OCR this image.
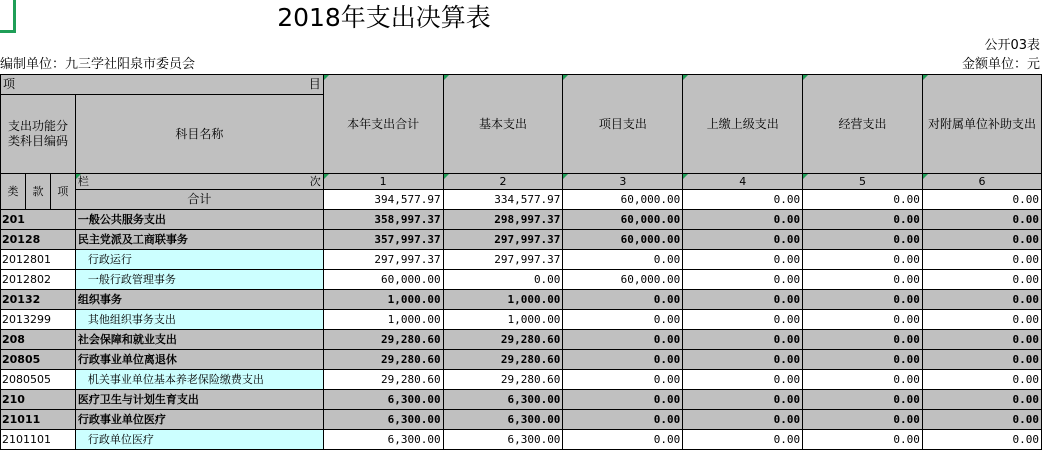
2018年支出决算表
公开03表
编制单位：九三学社阳泉市委员会	金额单位：元
项 目				本年支出合计	基本支出	项目支出	上缴上级支出	经营支出	对附属单位补助支出
支出功能分类科目编码			科目名称						
类	款	项	栏 次	1	2	3	4	5	6
			合计	394,577.97	334,577.97	60,000.00	0.00	0.00	0.00
201			一般公共服务支出	358,997.37	298,997.37	60,000.00	0.00	0.00	0.00
20128			民主党派及工商联事务	357,997.37	297,997.37	60,000.00	0.00	0.00	0.00
2012801			行政运行	297,997.37	297,997.37	0.00	0.00	0.00	0.00
2012802			一般行政管理事务	60,000.00	0.00	60,000.00	0.00	0.00	0.00
20132			组织事务	1,000.00	1,000.00	0.00	0.00	0.00	0.00
2013299			其他组织事务支出	1,000.00	1,000.00	0.00	0.00	0.00	0.00
208			社会保障和就业支出	29,280.60	29,280.60	0.00	0.00	0.00	0.00
20805			行政事业单位离退休	29,280.60	29,280.60	0.00	0.00	0.00	0.00
2080505			机关事业单位基本养老保险缴费支出	29,280.60	29,280.60	0.00	0.00	0.00	0.00
210			医疗卫生与计划生育支出	6,300.00	6,300.00	0.00	0.00	0.00	0.00
21011			行政事业单位医疗	6,300.00	6,300.00	0.00	0.00	0.00	0.00
2101101			行政单位医疗	6,300.00	6,300.00	0.00	0.00	0.00	0.00
